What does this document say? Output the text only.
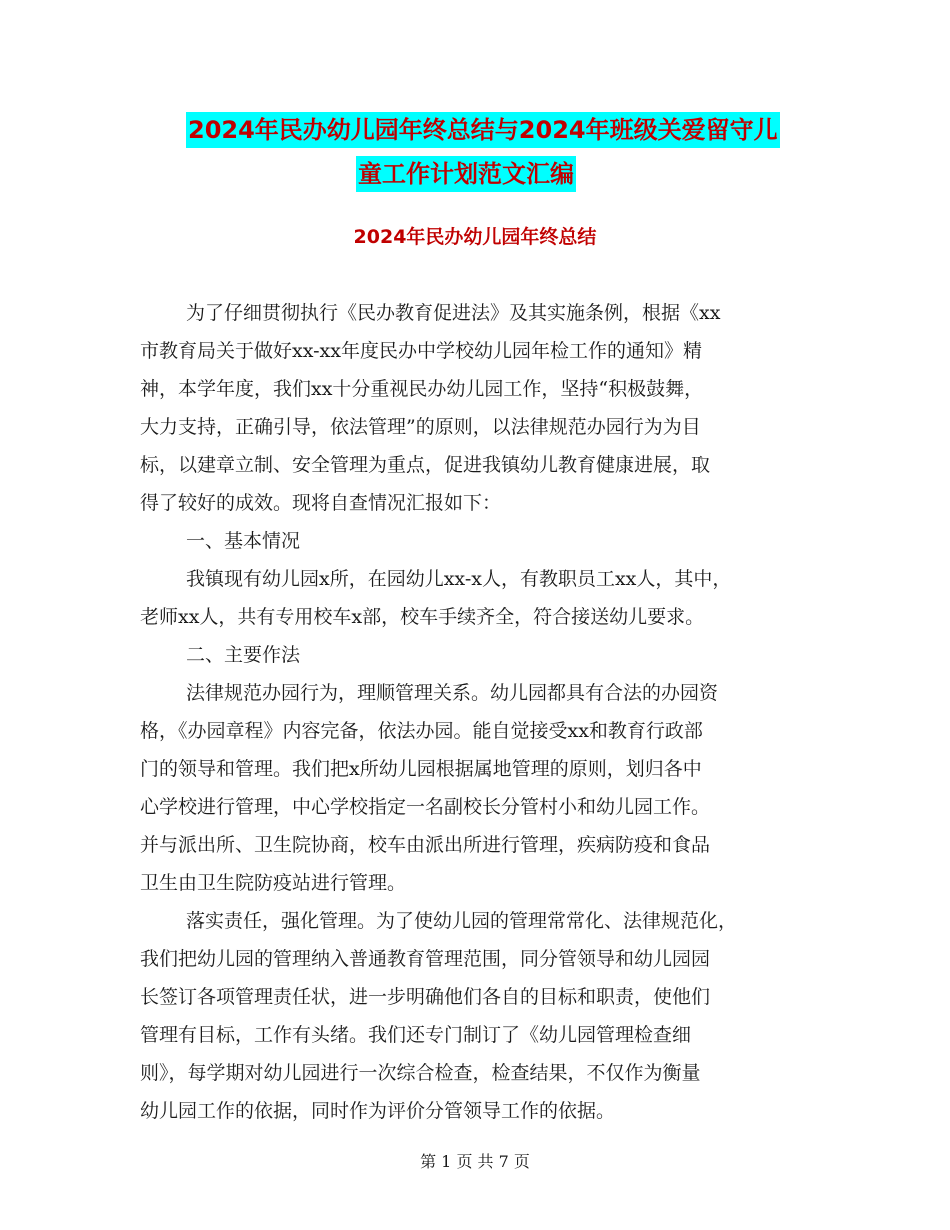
2024年民办幼儿园年终总结与2024年班级关爱留守儿
童工作计划范文汇编
2024年民办幼儿园年终总结
为了仔细贯彻执行《民办教育促进法》及其实施条例，根据《xx
市教育局关于做好xx-xx年度民办中学校幼儿园年检工作的通知》精
神，本学年度，我们xx十分重视民办幼儿园工作，坚持“积极鼓舞，
大力支持，正确引导，依法管理”的原则，以法律规范办园行为为目
标，以建章立制、安全管理为重点，促进我镇幼儿教育健康进展，取
得了较好的成效。现将自查情况汇报如下：
一、基本情况
我镇现有幼儿园x所，在园幼儿xx-x人，有教职员工xx人，其中，
老师xx人，共有专用校车x部，校车手续齐全，符合接送幼儿要求。
二、主要作法
法律规范办园行为，理顺管理关系。幼儿园都具有合法的办园资
格，《办园章程》内容完备，依法办园。能自觉接受xx和教育行政部
门的领导和管理。我们把x所幼儿园根据属地管理的原则，划归各中
心学校进行管理，中心学校指定一名副校长分管村小和幼儿园工作。
并与派出所、卫生院协商，校车由派出所进行管理，疾病防疫和食品
卫生由卫生院防疫站进行管理。
落实责任，强化管理。为了使幼儿园的管理常常化、法律规范化，
我们把幼儿园的管理纳入普通教育管理范围，同分管领导和幼儿园园
长签订各项管理责任状，进一步明确他们各自的目标和职责，使他们
管理有目标，工作有头绪。我们还专门制订了《幼儿园管理检查细
则》，每学期对幼儿园进行一次综合检查，检查结果，不仅作为衡量
幼儿园工作的依据，同时作为评价分管领导工作的依据。
第 1 页 共 7 页
